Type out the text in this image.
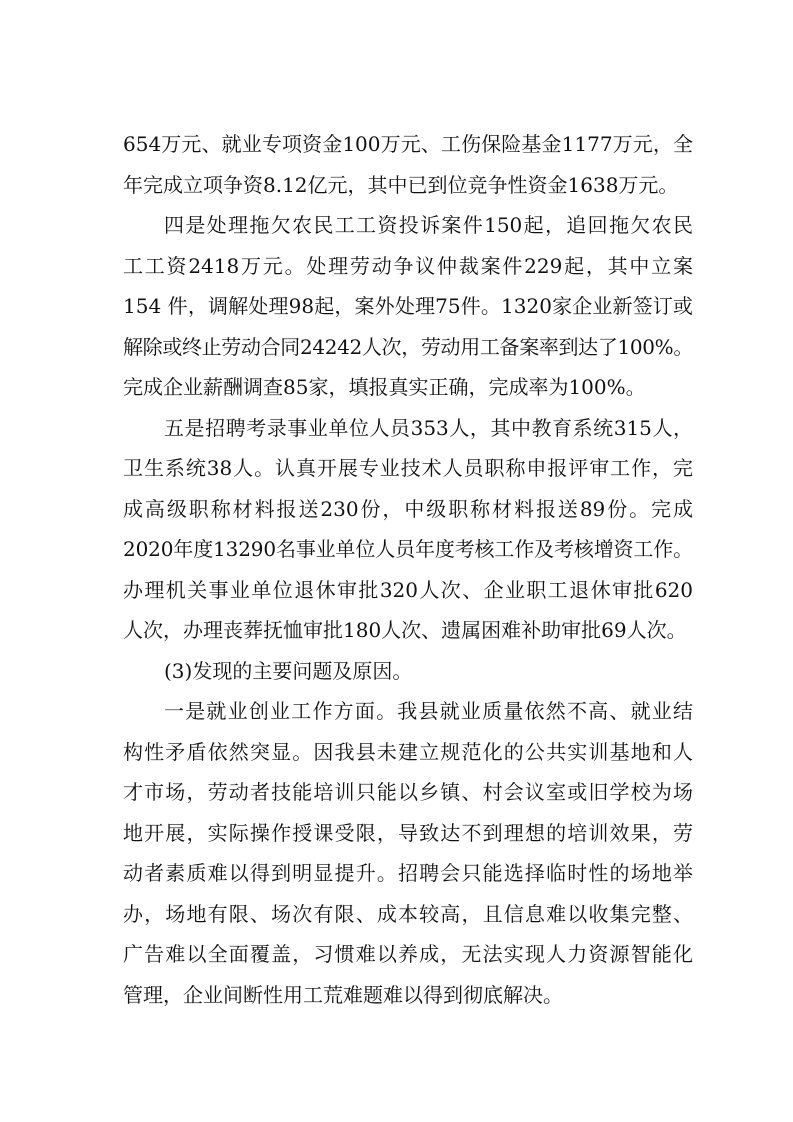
654万元、就业专项资金100万元、工伤保险基金1177万元，全
年完成立项争资8.12亿元，其中已到位竞争性资金1638万元。
四是处理拖欠农民工工资投诉案件150起，追回拖欠农民
工工资2418万元。处理劳动争议仲裁案件229起，其中立案
154 件，调解处理98起，案外处理75件。1320家企业新签订或
解除或终止劳动合同24242人次，劳动用工备案率到达了100%。
完成企业薪酬调查85家，填报真实正确，完成率为100%。
五是招聘考录事业单位人员353人，其中教育系统315人，
卫生系统38人。认真开展专业技术人员职称申报评审工作，完
成高级职称材料报送230份，中级职称材料报送89份。完成
2020年度13290名事业单位人员年度考核工作及考核增资工作。
办理机关事业单位退休审批320人次、企业职工退休审批620
人次，办理丧葬抚恤审批180人次、遗属困难补助审批69人次。
(3)发现的主要问题及原因。
一是就业创业工作方面。我县就业质量依然不高、就业结
构性矛盾依然突显。因我县未建立规范化的公共实训基地和人
才市场，劳动者技能培训只能以乡镇、村会议室或旧学校为场
地开展，实际操作授课受限，导致达不到理想的培训效果，劳
动者素质难以得到明显提升。招聘会只能选择临时性的场地举
办，场地有限、场次有限、成本较高，且信息难以收集完整、
广告难以全面覆盖，习惯难以养成，无法实现人力资源智能化
管理，企业间断性用工荒难题难以得到彻底解决。
